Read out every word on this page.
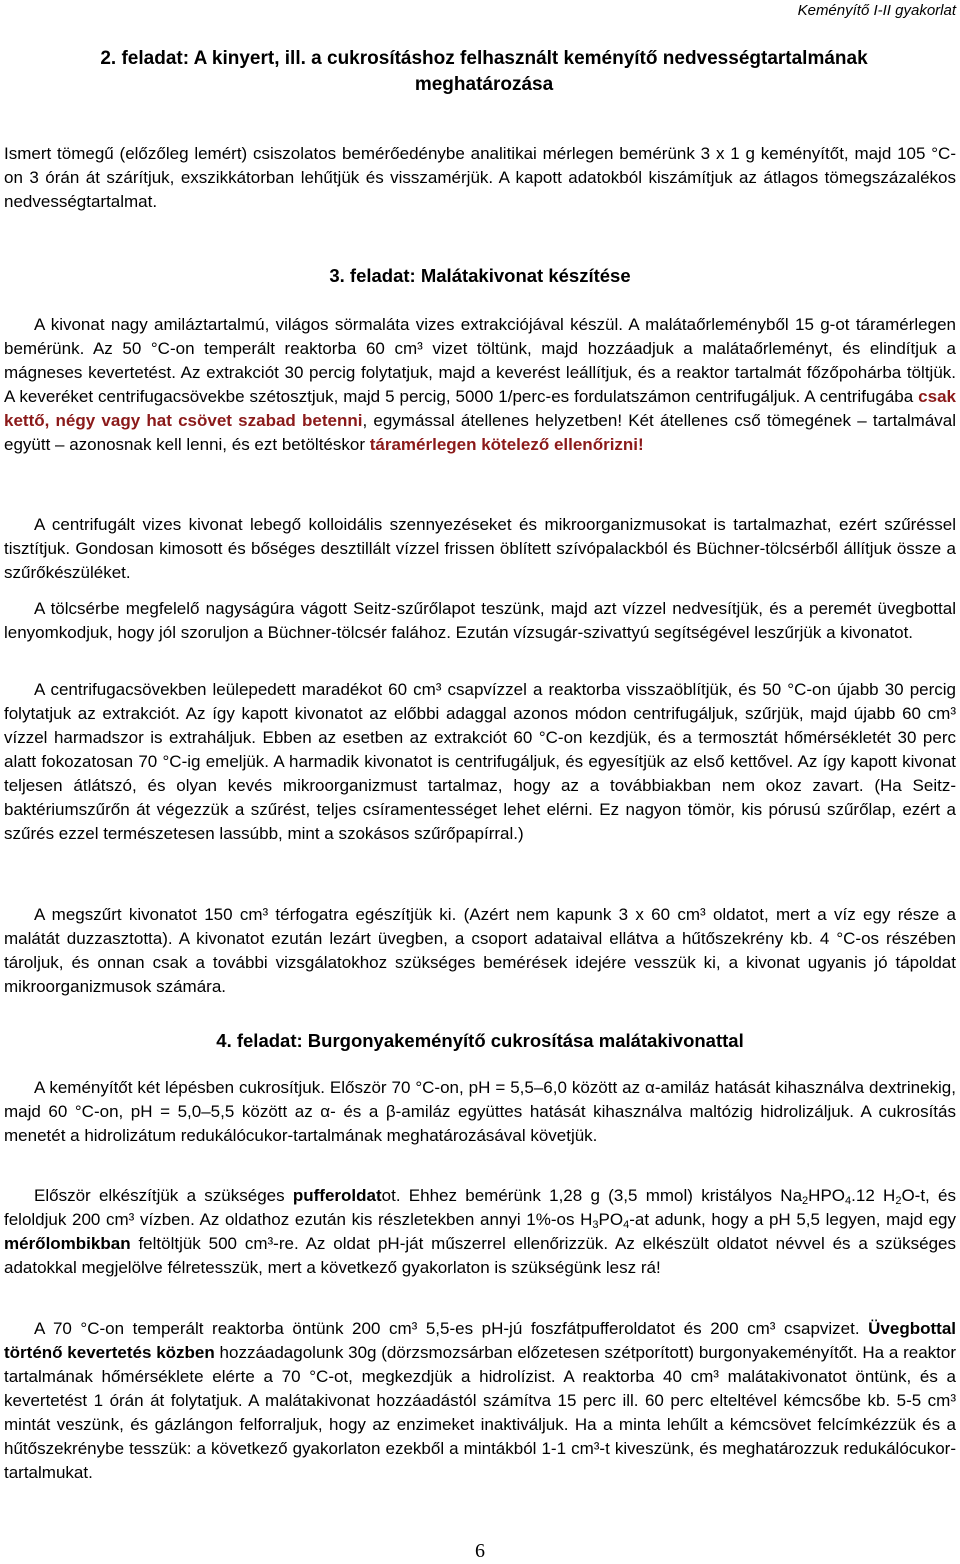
Keményítő I-II gyakorlat
2. feladat: A kinyert, ill. a cukrosításhoz felhasznált keményítő nedvességtartalmának meghatározása
Ismert tömegű (előzőleg lemért) csiszolatos bemérőedénybe analitikai mérlegen bemérünk 3 x 1 g keményítőt, majd 105 °C-on 3 órán át szárítjuk, exszikkátorban lehűtjük és visszamérjük. A kapott adatokból kiszámítjuk az átlagos tömegszázalékos nedvességtartalmat.
3. feladat: Malátakivonat készítése
A kivonat nagy amiláztartalmú, világos sörmaláta vizes extrakciójával készül. A malátaőrleményből 15 g-ot táramérlegen bemérünk. Az 50 °C-on temperált reaktorba 60 cm³ vizet töltünk, majd hozzáadjuk a malátaőrleményt, és elindítjuk a mágneses kevertetést. Az extrakciót 30 percig folytatjuk, majd a keverést leállítjuk, és a reaktor tartalmát főzőpohárba töltjük. A keveréket centrifugacsövekbe szétosztjuk, majd 5 percig, 5000 1/perc-es fordulatszámon centrifugáljuk. A centrifugába csak kettő, négy vagy hat csövet szabad betenni, egymással átellenes helyzetben! Két átellenes cső tömegének – tartalmával együtt – azonosnak kell lenni, és ezt betöltéskor táramérlegen kötelező ellenőrizni!
A centrifugált vizes kivonat lebegő kolloidális szennyezéseket és mikroorganizmusokat is tartalmazhat, ezért szűréssel tisztítjuk. Gondosan kimosott és bőséges desztillált vízzel frissen öblített szívópalackból és Büchner-tölcsérből állítjuk össze a szűrőkészüléket.
A tölcsérbe megfelelő nagyságúra vágott Seitz-szűrőlapot teszünk, majd azt vízzel nedvesítjük, és a peremét üvegbottal lenyomkodjuk, hogy jól szoruljon a Büchner-tölcsér falához. Ezután vízsugár-szivattyú segítségével leszűrjük a kivonatot.
A centrifugacsövekben leülepedett maradékot 60 cm³ csapvízzel a reaktorba visszaöblítjük, és 50 °C-on újabb 30 percig folytatjuk az extrakciót. Az így kapott kivonatot az előbbi adaggal azonos módon centrifugáljuk, szűrjük, majd újabb 60 cm³ vízzel harmadszor is extraháljuk. Ebben az esetben az extrakciót 60 °C-on kezdjük, és a termosztát hőmérsékletét 30 perc alatt fokozatosan 70 °C-ig emeljük. A harmadik kivonatot is centrifugáljuk, és egyesítjük az első kettővel. Az így kapott kivonat teljesen átlátszó, és olyan kevés mikroorganizmust tartalmaz, hogy az a továbbiakban nem okoz zavart. (Ha Seitz-baktériumszűrőn át végezzük a szűrést, teljes csíramentességet lehet elérni. Ez nagyon tömör, kis pórusú szűrőlap, ezért a szűrés ezzel természetesen lassúbb, mint a szokásos szűrőpapírral.)
A megszűrt kivonatot 150 cm³ térfogatra egészítjük ki. (Azért nem kapunk 3 x 60 cm³ oldatot, mert a víz egy része a malátát duzzasztotta). A kivonatot ezután lezárt üvegben, a csoport adataival ellátva a hűtőszekrény kb. 4 °C-os részében tároljuk, és onnan csak a további vizsgálatokhoz szükséges bemérések idejére vesszük ki, a kivonat ugyanis jó tápoldat mikroorganizmusok számára.
4. feladat: Burgonyakeményítő cukrosítása malátakivonattal
A keményítőt két lépésben cukrosítjuk. Először 70 °C-on, pH = 5,5–6,0 között az α-amiláz hatását kihasználva dextrinekig, majd 60 °C-on, pH = 5,0–5,5 között az α- és a β-amiláz együttes hatását kihasználva maltózig hidrolizáljuk. A cukrosítás menetét a hidrolizátum redukálócukor-tartalmának meghatározásával követjük.
Először elkészítjük a szükséges pufferoldatot. Ehhez bemérünk 1,28 g (3,5 mmol) kristályos $Na_2HPO_4.12$ $H_2O-t$, és feloldjuk 200 cm³ vízben. Az oldathoz ezután kis részletekben annyi 1%-os $H_3PO_4-at$ adunk, hogy a pH 5,5 legyen, majd egy mérőlombikban feltöltjük 500 cm³-re. Az oldat pH-ját műszerrel ellenőrizzük. Az elkészült oldatot névvel és a szükséges adatokkal megjelölve félretesszük, mert a következő gyakorlaton is szükségünk lesz rá!
A 70 °C-on temperált reaktorba öntünk 200 cm³ 5,5-es pH-jú foszfátpufferoldatot és 200 cm³ csapvizet. Üvegbottal történő kevertetés közben hozzáadagolunk 30g (dörzsmozsárban előzetesen szétporított) burgonyakeményítőt. Ha a reaktor tartalmának hőmérséklete elérte a 70 °C-ot, megkezdjük a hidrolízist. A reaktorba 40 cm³ malátakivonatot öntünk, és a kevertetést 1 órán át folytatjuk. A malátakivonat hozzáadástól számítva 15 perc ill. 60 perc elteltével kémcsőbe kb. 5-5 cm³ mintát veszünk, és gázlángon felforraljuk, hogy az enzimeket inaktiváljuk. Ha a minta lehűlt a kémcsövet felcímkézzük és a hűtőszekrénybe tesszük: a következő gyakorlaton ezekből a mintákból 1-1 cm³-t kiveszünk, és meghatározzuk redukálócukor-tartalmukat.
6
